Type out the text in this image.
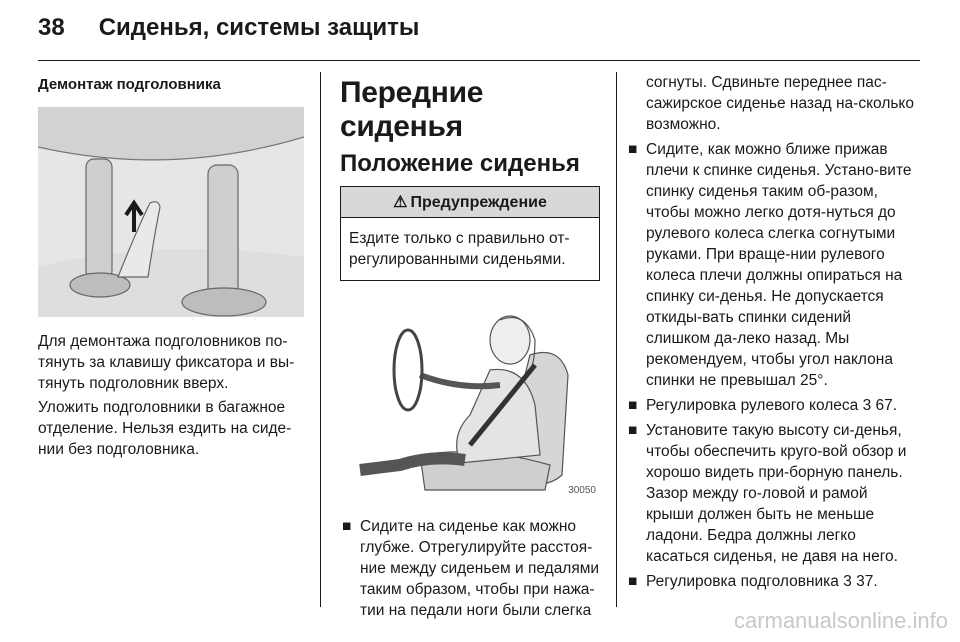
38 Сиденья, системы защиты
Демонтаж подголовника

Для демонтажа подголовников по-тянуть за клавишу фиксатора и вы-тянуть подголовник вверх.

Уложить подголовники в багажное отделение. Нельзя ездить на сиде-нии без подголовника.

Передние сиденья
Положение сиденья
⚠ Предупреждение
Ездите только с правильно от-регулированными сиденьями.
30050
■ Сидите на сиденье как можно глубже. Отрегулируйте расстоя-ние между сиденьем и педалями таким образом, чтобы при нажа-тии на педали ноги были слегка

согнуты. Сдвиньте переднее пас-сажирское сиденье назад на-сколько возможно.

■ Сидите, как можно ближе прижав плечи к спинке сиденья. Устано-вите спинку сиденья таким об-разом, чтобы можно легко дотя-нуться до рулевого колеса слегка согнутыми руками. При враще-нии рулевого колеса плечи должны опираться на спинку си-денья. Не допускается откиды-вать спинки сидений слишком да-леко назад. Мы рекомендуем, чтобы угол наклона спинки не превышал 25°.
■ Регулировка рулевого колеса 3 67.
■ Установите такую высоту си-денья, чтобы обеспечить круго-вой обзор и хорошо видеть при-борную панель. Зазор между го-ловой и рамой крыши должен быть не меньше ладони. Бедра должны легко касаться сиденья, не давя на него.
■ Регулировка подголовника 3 37.
carmanualsonline.info
